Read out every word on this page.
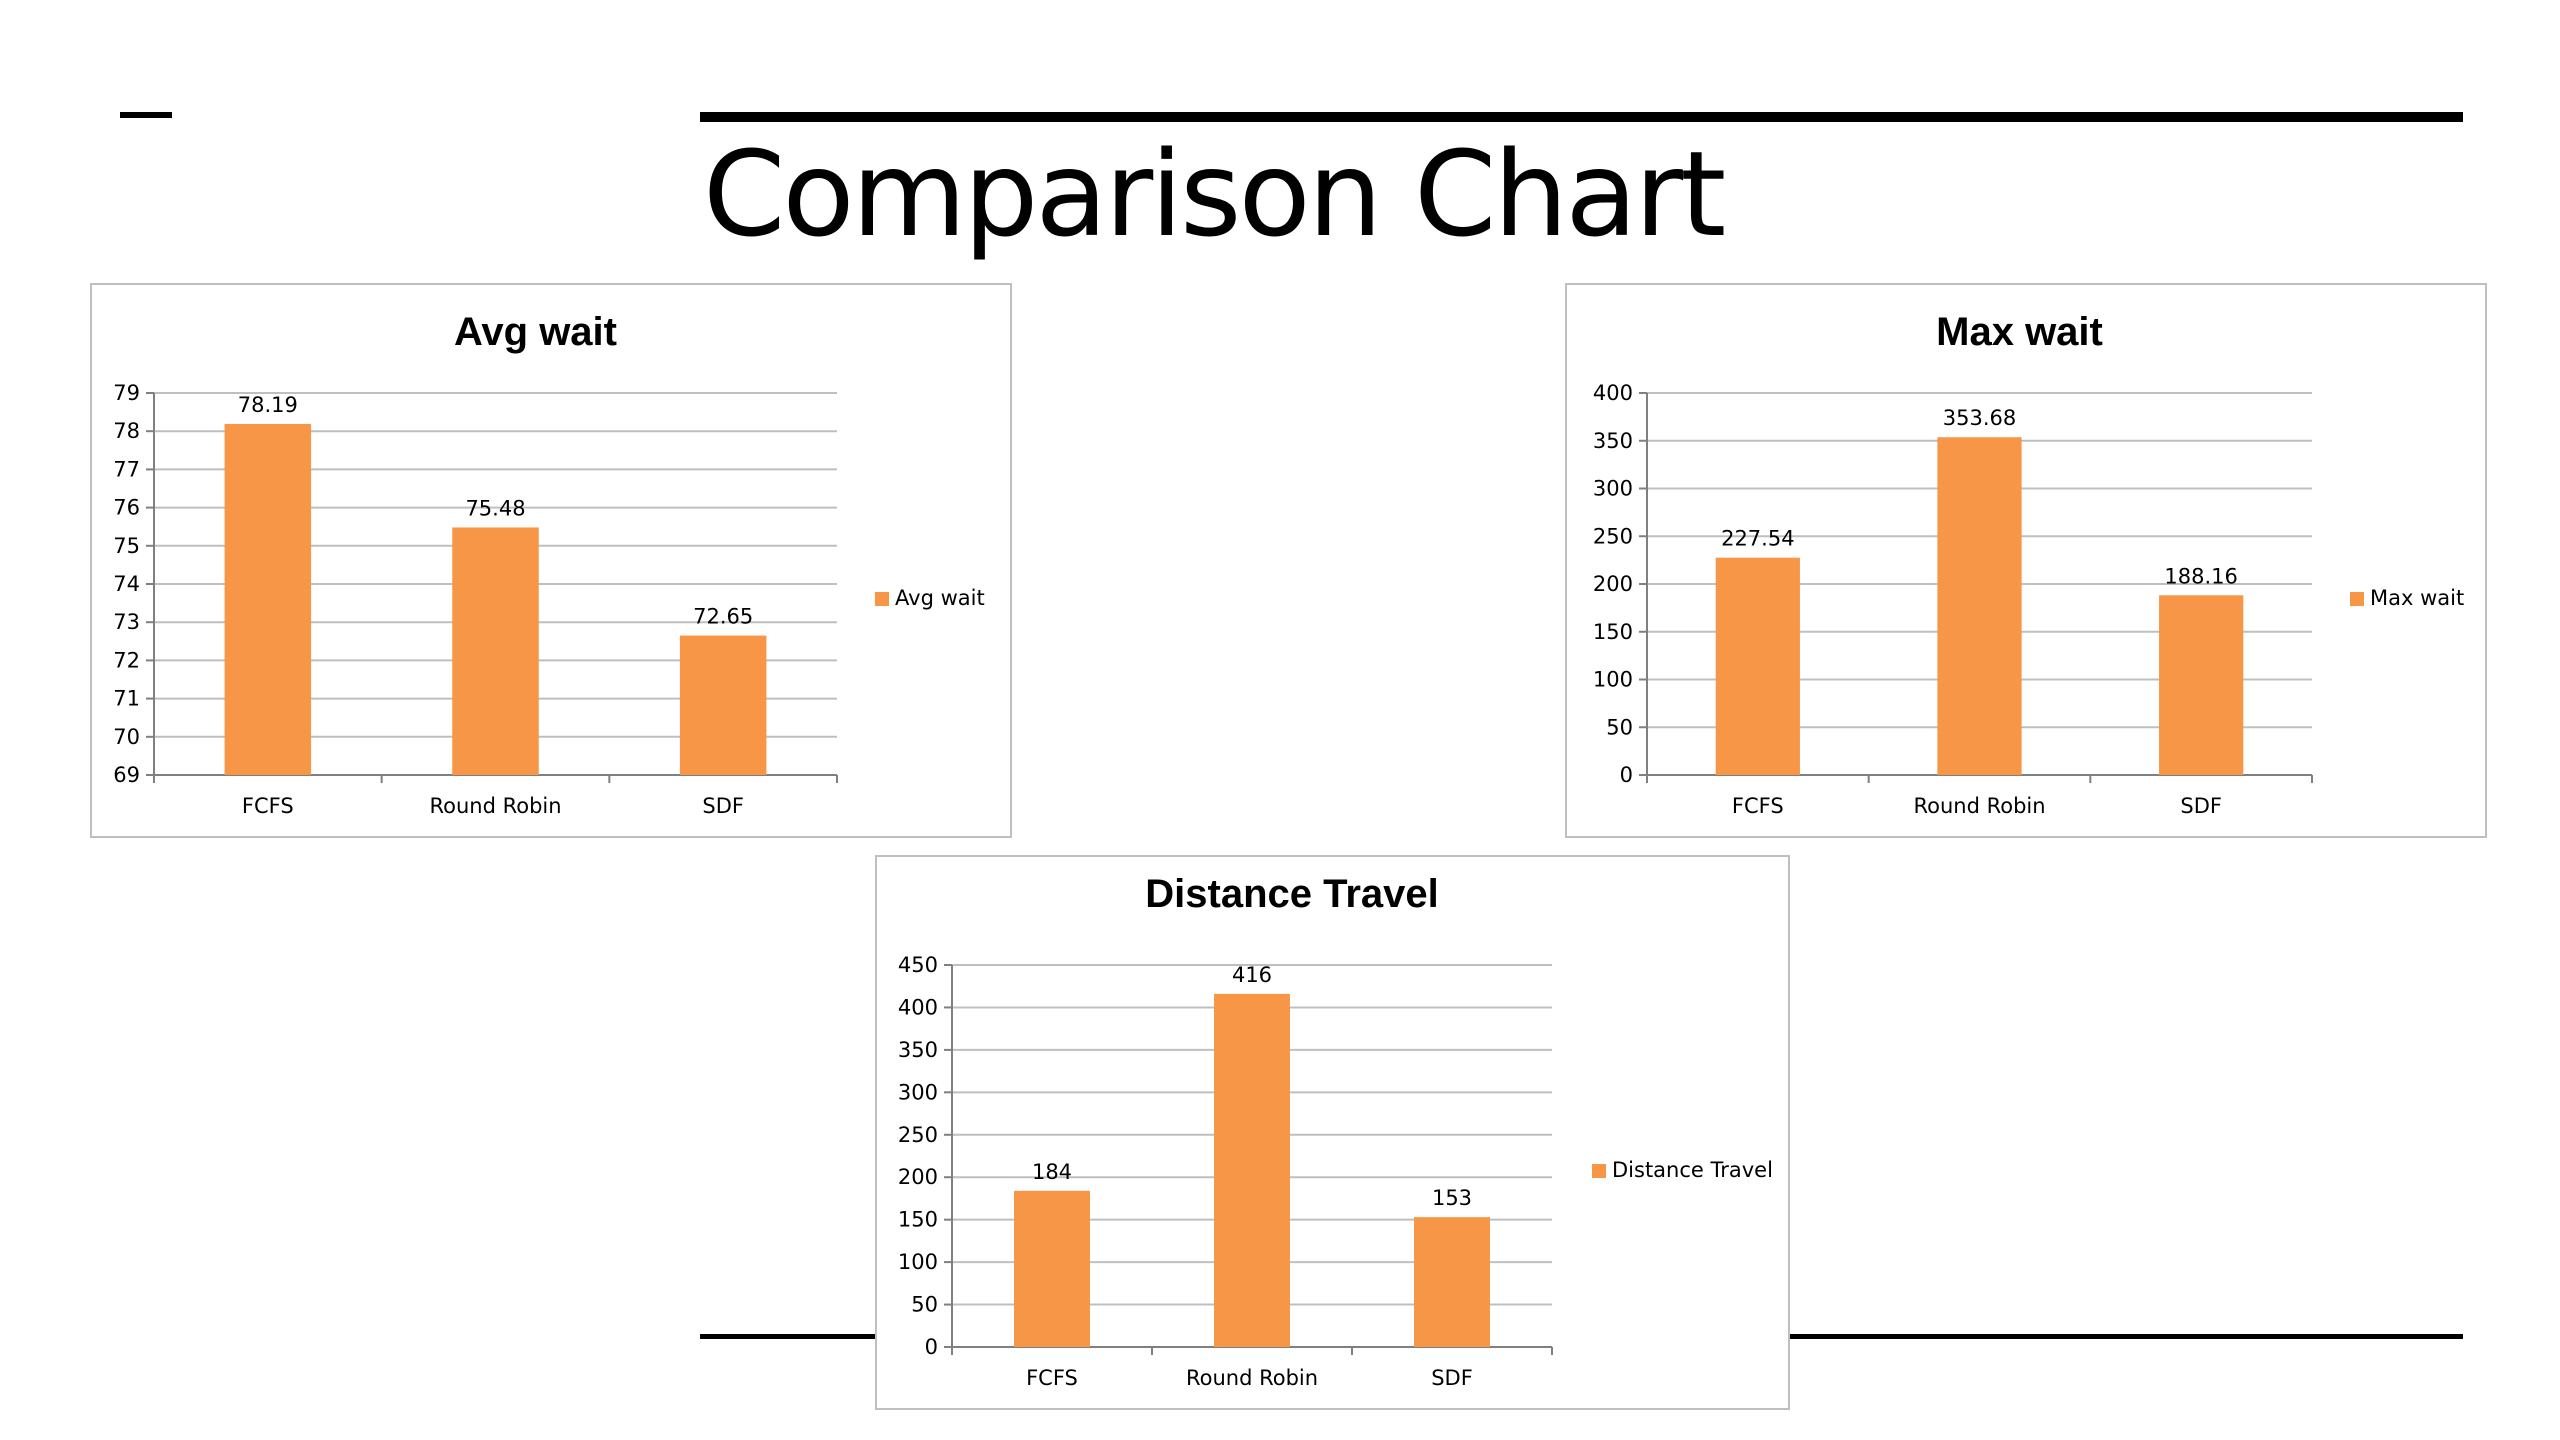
Comparison Chart
Avg wait
69
70
71
72
73
74
75
76
77
78
79	78.19
FCFS
75.48
Round Robin
72.65
SDF
Avg wait
Max wait
0
50
100
150
200
250
300
350
400
227.54
FCFS
353.68
Round Robin
188.16
SDF
Max wait
Distance Travel
0
50
100
150
200
250
300
350
400
450
184
FCFS
416
Round Robin
153
SDF
Distance Travel
